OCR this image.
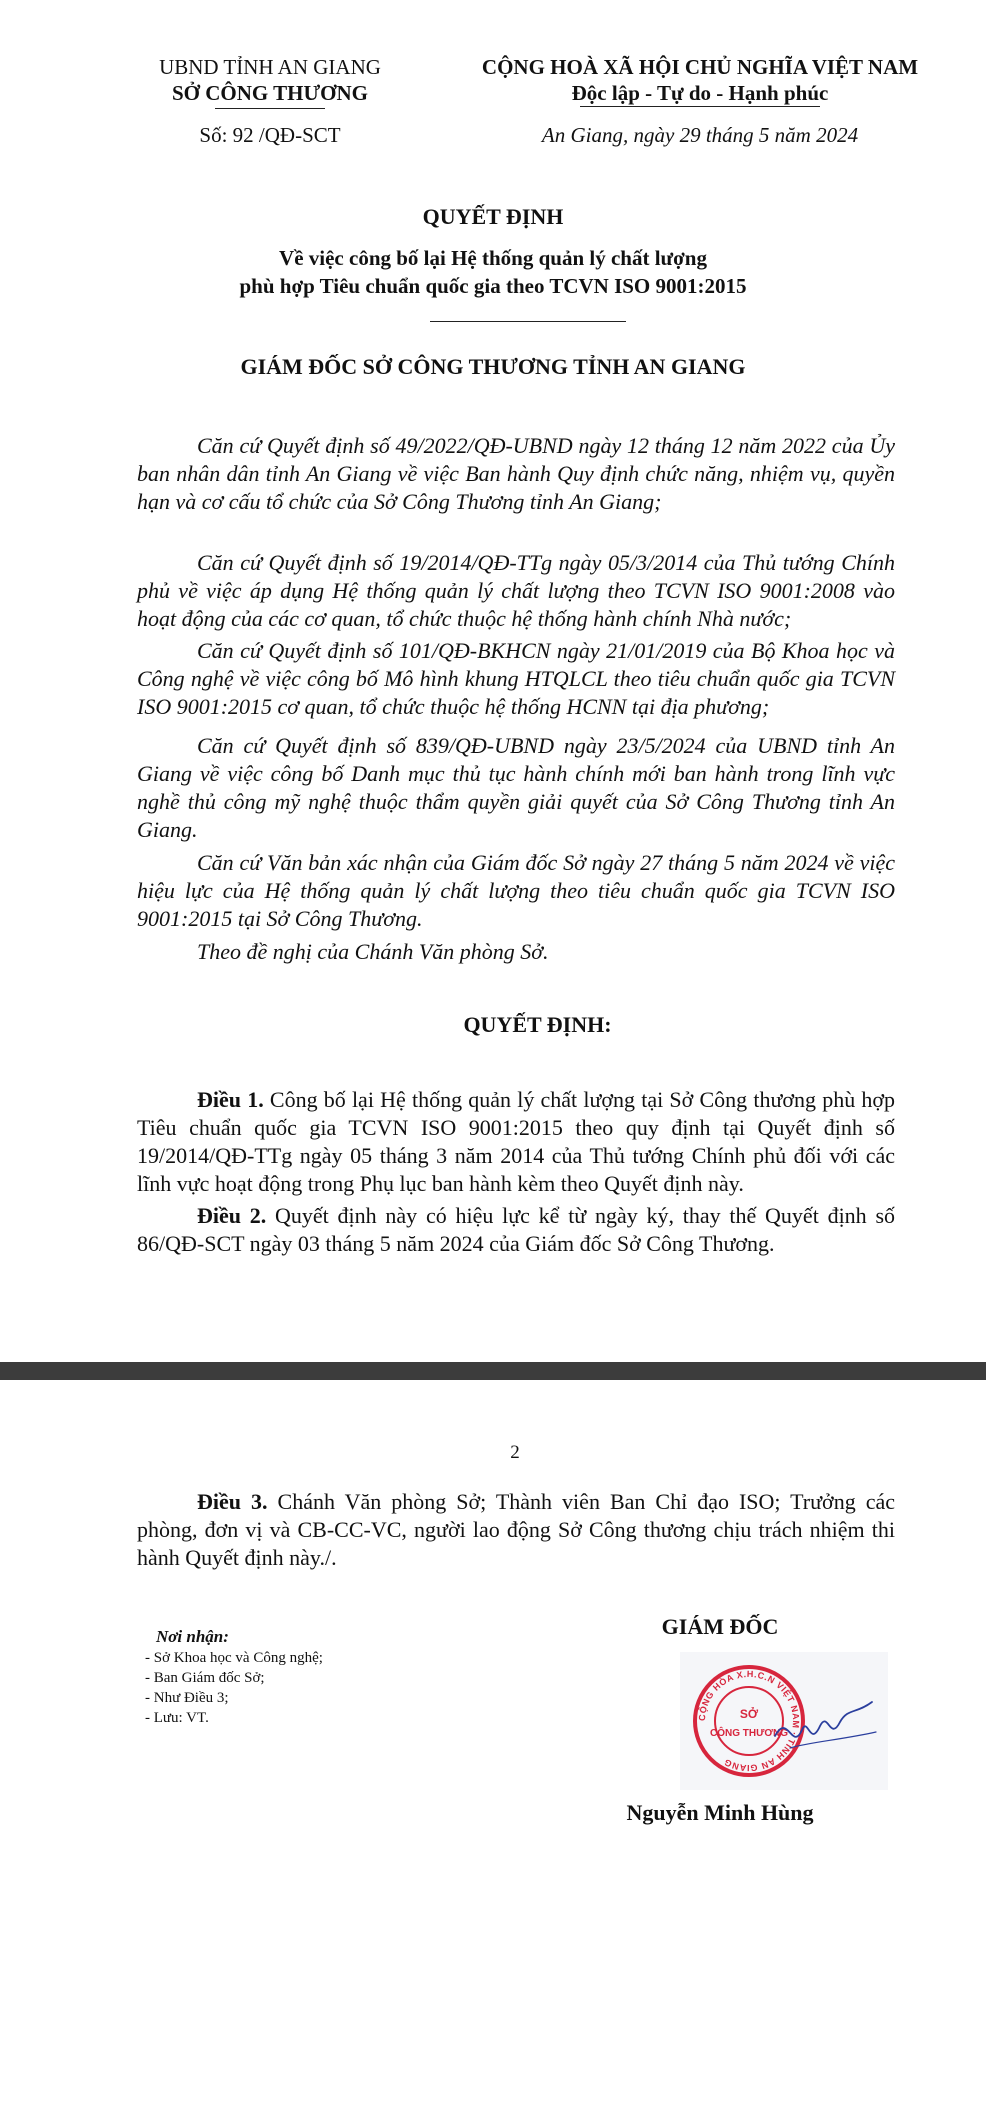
UBND TỈNH AN GIANG
SỞ CÔNG THƯƠNG
Số: 92 /QĐ-SCT
CỘNG HOÀ XÃ HỘI CHỦ NGHĨA VIỆT NAM
Độc lập - Tự do - Hạnh phúc
An Giang, ngày 29 tháng 5 năm 2024
QUYẾT ĐỊNH
Về việc công bố lại Hệ thống quản lý chất lượng
phù hợp Tiêu chuẩn quốc gia theo TCVN ISO 9001:2015
GIÁM ĐỐC SỞ CÔNG THƯƠNG TỈNH AN GIANG
Căn cứ Quyết định số 49/2022/QĐ-UBND ngày 12 tháng 12 năm 2022 của Ủy ban nhân dân tỉnh An Giang về việc Ban hành Quy định chức năng, nhiệm vụ, quyền hạn và cơ cấu tổ chức của Sở Công Thương tỉnh An Giang;
Căn cứ Quyết định số 19/2014/QĐ-TTg ngày 05/3/2014 của Thủ tướng Chính phủ về việc áp dụng Hệ thống quản lý chất lượng theo TCVN ISO 9001:2008 vào hoạt động của các cơ quan, tổ chức thuộc hệ thống hành chính Nhà nước;
Căn cứ Quyết định số 101/QĐ-BKHCN ngày 21/01/2019 của Bộ Khoa học và Công nghệ về việc công bố Mô hình khung HTQLCL theo tiêu chuẩn quốc gia TCVN ISO 9001:2015 cơ quan, tổ chức thuộc hệ thống HCNN tại địa phương;
Căn cứ Quyết định số 839/QĐ-UBND ngày 23/5/2024 của UBND tỉnh An Giang về việc công bố Danh mục thủ tục hành chính mới ban hành trong lĩnh vực nghề thủ công mỹ nghệ thuộc thẩm quyền giải quyết của Sở Công Thương tỉnh An Giang.
Căn cứ Văn bản xác nhận của Giám đốc Sở ngày 27 tháng 5 năm 2024 về việc hiệu lực của Hệ thống quản lý chất lượng theo tiêu chuẩn quốc gia TCVN ISO 9001:2015 tại Sở Công Thương.
Theo đề nghị của Chánh Văn phòng Sở.
QUYẾT ĐỊNH:
Điều 1. Công bố lại Hệ thống quản lý chất lượng tại Sở Công thương phù hợp Tiêu chuẩn quốc gia TCVN ISO 9001:2015 theo quy định tại Quyết định số 19/2014/QĐ-TTg ngày 05 tháng 3 năm 2014 của Thủ tướng Chính phủ đối với các lĩnh vực hoạt động trong Phụ lục ban hành kèm theo Quyết định này.
Điều 2. Quyết định này có hiệu lực kể từ ngày ký, thay thế Quyết định số 86/QĐ-SCT ngày 03 tháng 5 năm 2024 của Giám đốc Sở Công Thương.
2
Điều 3. Chánh Văn phòng Sở; Thành viên Ban Chỉ đạo ISO; Trưởng các phòng, đơn vị và CB-CC-VC, người lao động Sở Công thương chịu trách nhiệm thi hành Quyết định này./.
Nơi nhận:
- Sở Khoa học và Công nghệ;
- Ban Giám đốc Sở;
- Như Điều 3;
- Lưu: VT.
GIÁM ĐỐC
CỘNG HÒA X.H.C.N VIỆT NAM · TỈNH AN GIANG
SỞ
CÔNG THƯƠNG
Nguyễn Minh Hùng
